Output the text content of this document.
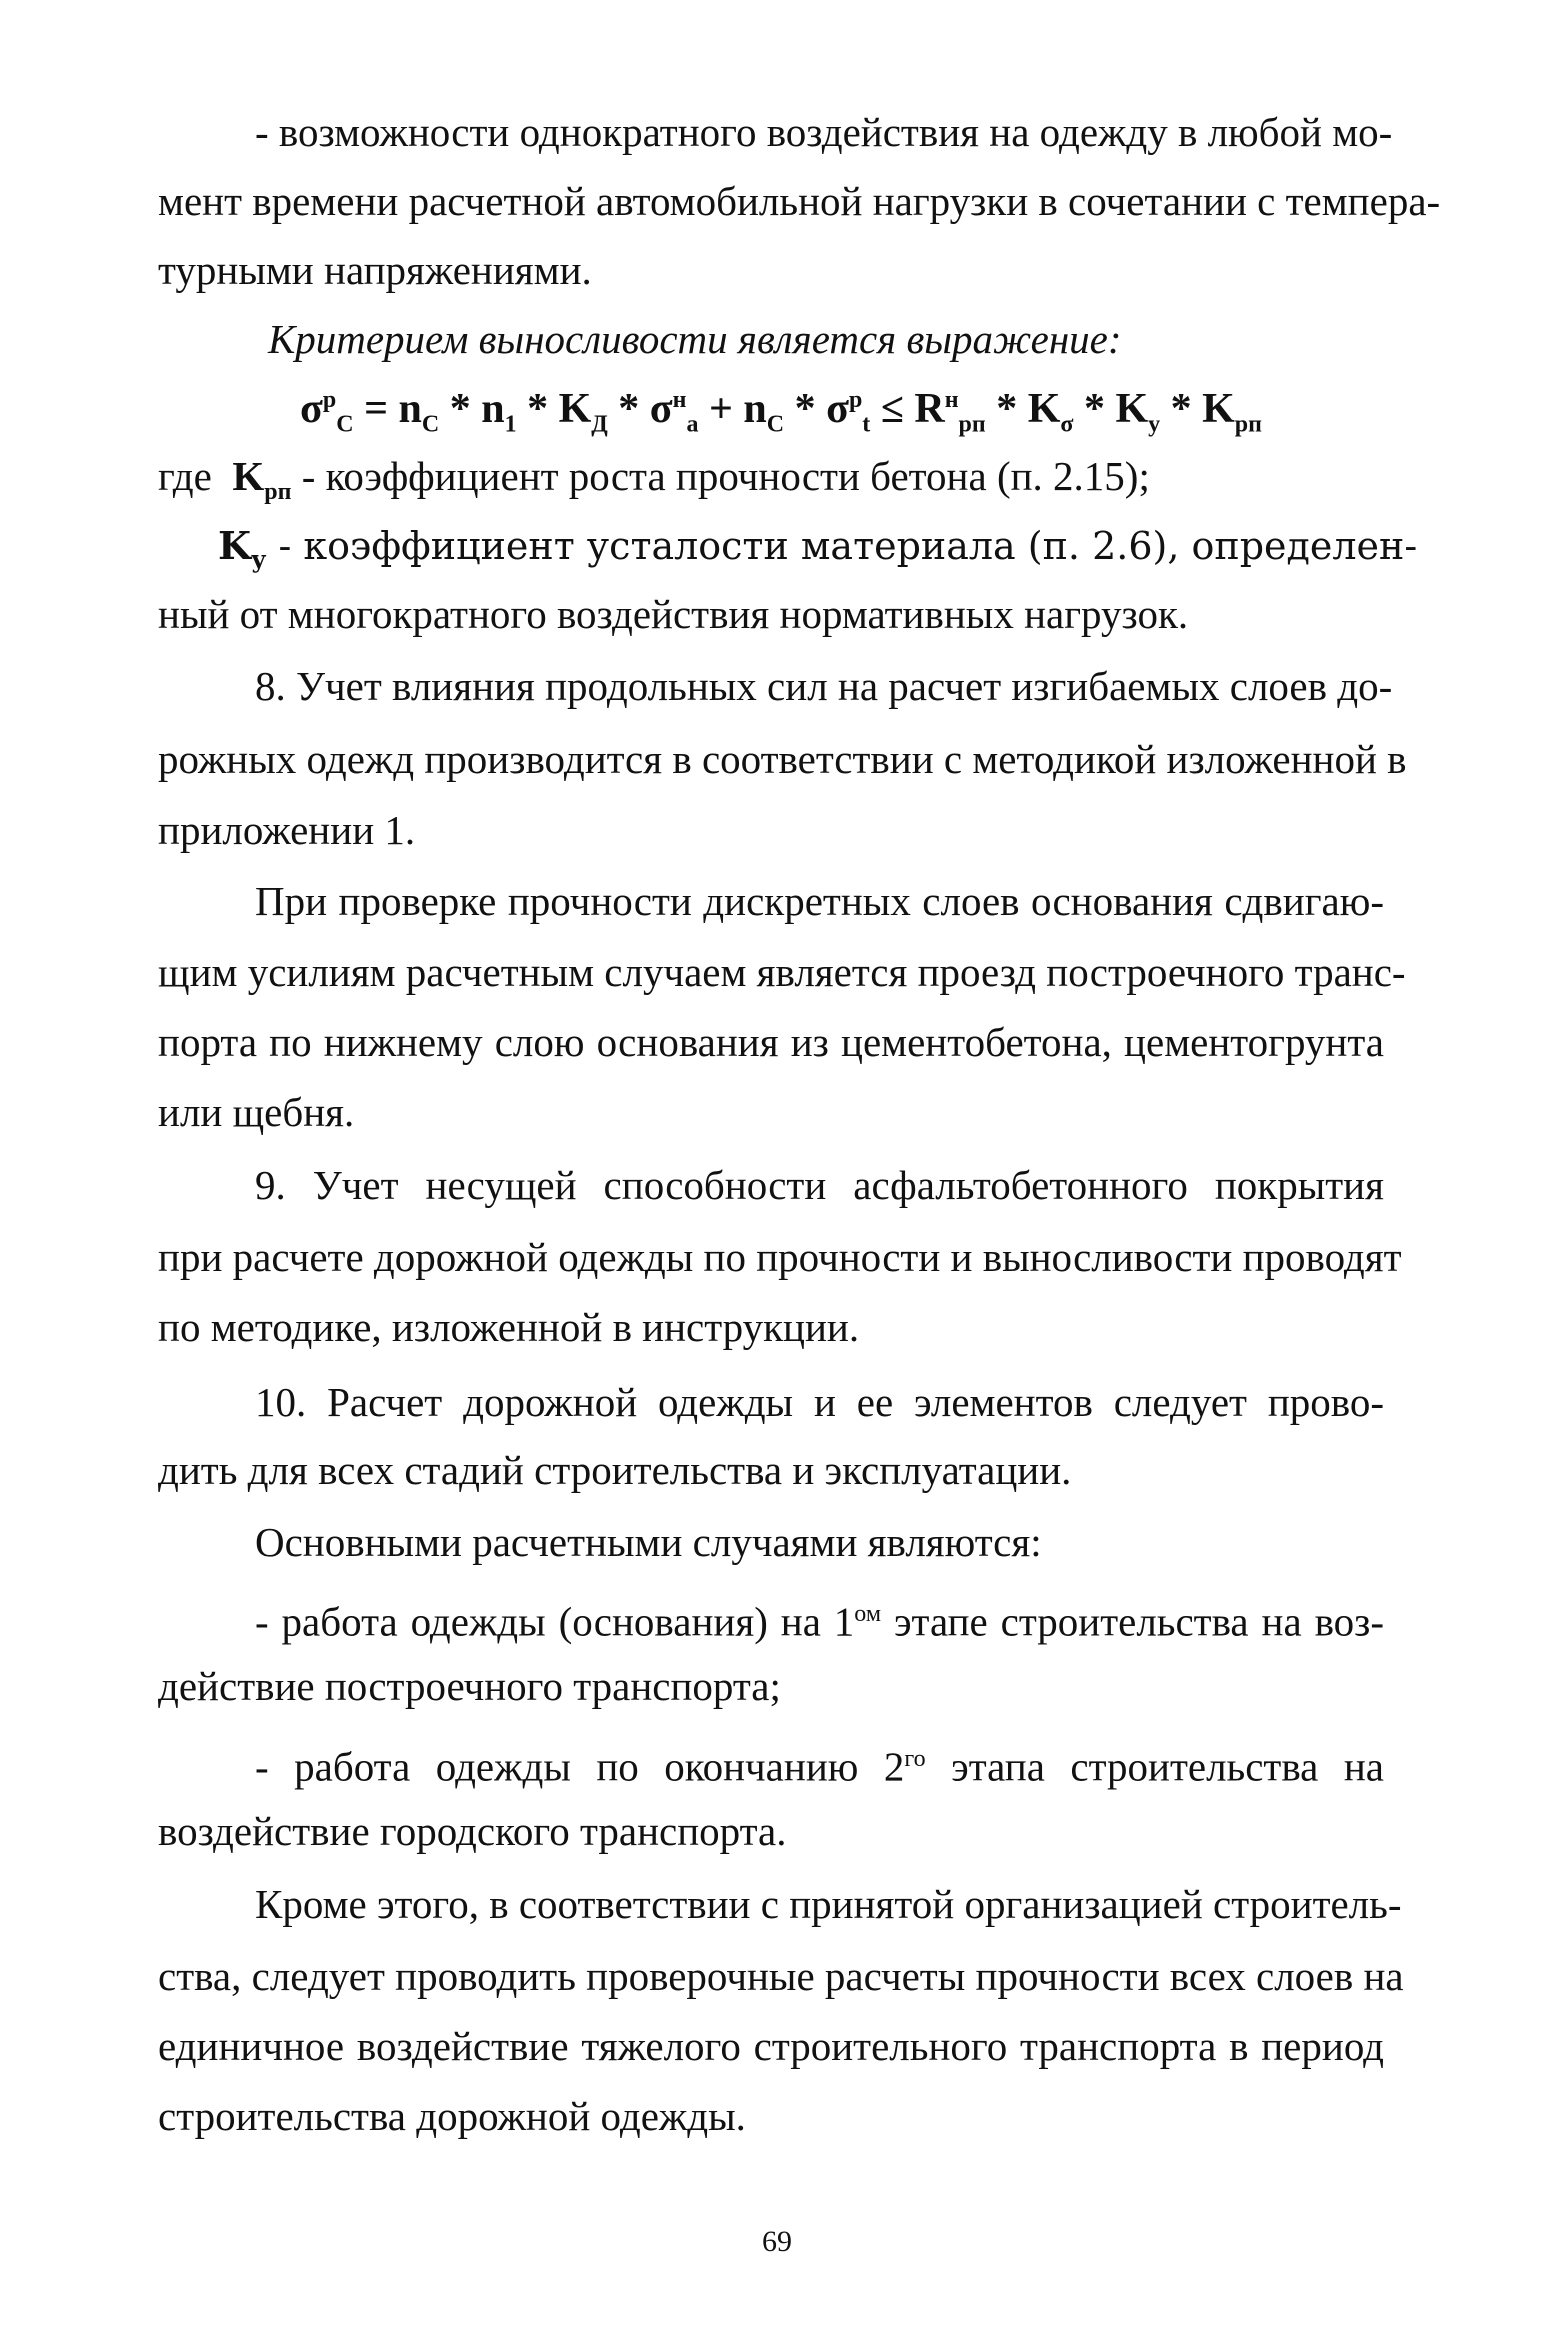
- возможности однократного воздействия на одежду в любой мо-
мент времени расчетной автомобильной нагрузки в сочетании с темпера-
турными напряжениями.
Критерием выносливости является выражение:
$\sigma^р_С = n_С * n_1 * K_Д * \sigma^н_а + n_С * \sigma^р_t \le R^н_{рп} * K_\sigma * K_у * K_{рп}$
где $K_{рп}$ - коэффициент роста прочности бетона (п. 2.15);
$K_у$ - коэффициент усталости материала (п. 2.6), определен-
ный от многократного воздействия нормативных нагрузок.
8. Учет влияния продольных сил на расчет изгибаемых слоев до-
рожных одежд производится в соответствии с методикой изложенной в
приложении 1.
При проверке прочности дискретных слоев основания сдвигаю-
щим усилиям расчетным случаем является проезд построечного транс-
порта по нижнему слою основания из цементобетона, цементогрунта
или щебня.
9. Учет несущей способности асфальтобетонного покрытия
при расчете дорожной одежды по прочности и выносливости проводят
по методике, изложенной в инструкции.
10. Расчет дорожной одежды и ее элементов следует прово-
дить для всех стадий строительства и эксплуатации.
Основными расчетными случаями являются:
- работа одежды (основания) на $1^{ом}$ этапе строительства на воз-
действие построечного транспорта;
- работа одежды по окончанию $2^{го}$ этапа строительства на
воздействие городского транспорта.
Кроме этого, в соответствии с принятой организацией строитель-
ства, следует проводить проверочные расчеты прочности всех слоев на
единичное воздействие тяжелого строительного транспорта в период
строительства дорожной одежды.
69
